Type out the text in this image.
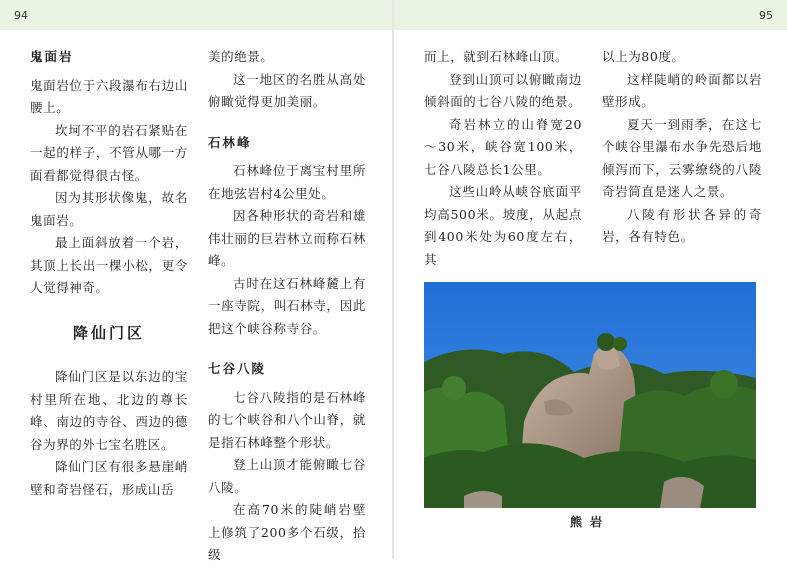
94
鬼面岩

鬼面岩位于六段瀑布右边山腰上。

坎坷不平的岩石紧贴在一起的样子，不管从哪一方面看都觉得很古怪。

因为其形状像鬼，故名鬼面岩。

最上面斜放着一个岩，其顶上长出一棵小松，更令人觉得神奇。

降仙门区

降仙门区是以东边的宝村里所在地、北边的尊长峰、南边的寺谷、西边的德谷为界的外七宝名胜区。

降仙门区有很多悬崖峭壁和奇岩怪石，形成山岳

美的绝景。

这一地区的名胜从高处俯瞰觉得更加美丽。

石林峰

石林峰位于离宝村里所在地弦岩村4公里处。

因各种形状的奇岩和雄伟壮丽的巨岩林立而称石林峰。

古时在这石林峰麓上有一座寺院，叫石林寺，因此把这个峡谷称寺谷。

七谷八陵

七谷八陵指的是石林峰的七个峡谷和八个山脊，就是指石林峰整个形状。

登上山顶才能俯瞰七谷八陵。

在高70米的陡峭岩壁上修筑了200多个石级，拾级

95

而上，就到石林峰山顶。

登到山顶可以俯瞰南边倾斜面的七谷八陵的绝景。

奇岩林立的山脊宽20～30米，峡谷宽100米，七谷八陵总长1公里。

这些山岭从峡谷底面平均高500米。坡度，从起点到400米处为60度左右，其

以上为80度。

这样陡峭的岭面都以岩壁形成。

夏天一到雨季，在这七个峡谷里瀑布水争先恐后地倾泻而下，云雾缭绕的八陵奇岩简直是迷人之景。

八陵有形状各异的奇岩，各有特色。

熊岩
